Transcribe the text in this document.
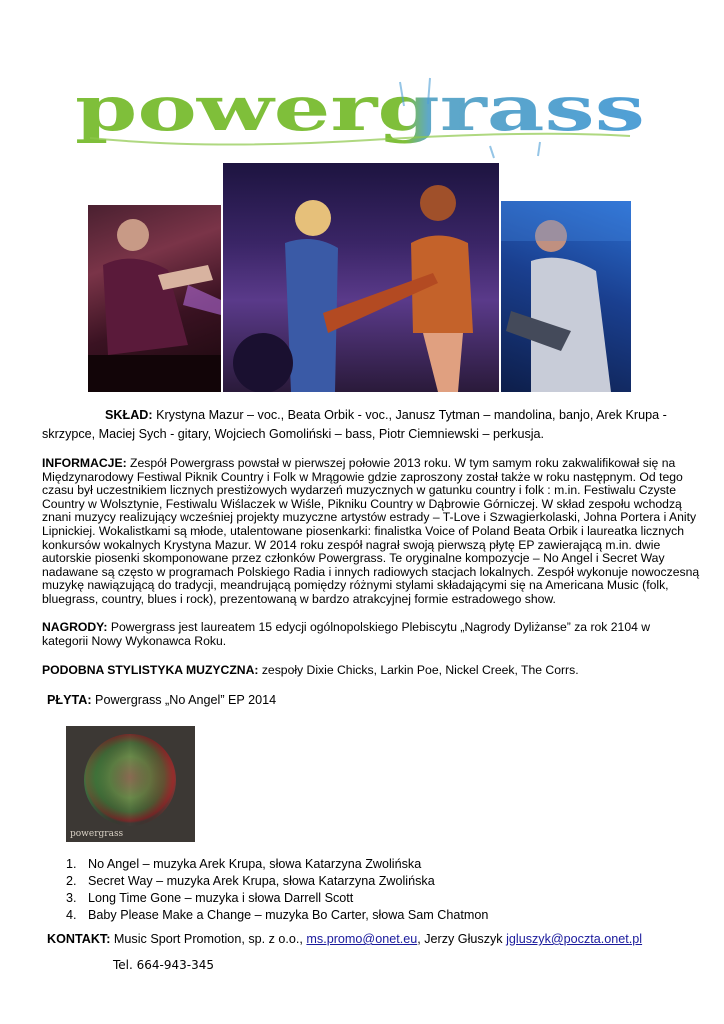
powergrass
SKŁAD: Krystyna Mazur – voc., Beata Orbik - voc., Janusz Tytman – mandolina, banjo, Arek Krupa -
skrzypce, Maciej Sych - gitary, Wojciech Gomoliński – bass, Piotr Ciemniewski – perkusja.
INFORMACJE: Zespół Powergrass powstał w pierwszej połowie 2013 roku. W tym samym roku zakwalifikował się na
Międzynarodowy Festiwal Piknik Country i Folk w Mrągowie gdzie zaproszony został także w roku następnym. Od tego
czasu był uczestnikiem licznych prestiżowych wydarzeń muzycznych w gatunku country i folk : m.in. Festiwalu Czyste
Country w Wolsztynie, Festiwalu Wiślaczek w Wiśle, Pikniku Country w Dąbrowie Górniczej. W skład zespołu wchodzą
znani muzycy realizujący wcześniej projekty muzyczne artystów estrady – T-Love i Szwagierkolaski, Johna Portera i Anity
Lipnickiej. Wokalistkami są młode, utalentowane piosenkarki: finalistka Voice of Poland Beata Orbik i laureatka licznych
konkursów wokalnych Krystyna Mazur. W 2014 roku zespół nagrał swoją pierwszą płytę EP zawierającą m.in. dwie
autorskie piosenki skomponowane przez członków Powergrass. Te oryginalne kompozycje – No Angel i Secret Way
nadawane są często w programach Polskiego Radia i innych radiowych stacjach lokalnych. Zespół wykonuje nowoczesną
muzykę nawiązującą do tradycji, meandrującą pomiędzy różnymi stylami składającymi się na Americana Music (folk,
bluegrass, country, blues i rock), prezentowaną w bardzo atrakcyjnej formie estradowego show.
NAGRODY: Powergrass jest laureatem 15 edycji ogólnopolskiego Plebiscytu „Nagrody Dyliżanse” za rok 2104 w
kategorii Nowy Wykonawca Roku.
PODOBNA STYLISTYKA MUZYCZNA: zespoły Dixie Chicks, Larkin Poe, Nickel Creek, The Corrs.
PŁYTA: Powergrass „No Angel” EP 2014
powergrass
1. No Angel – muzyka Arek Krupa, słowa Katarzyna Zwolińska
2. Secret Way – muzyka Arek Krupa, słowa Katarzyna Zwolińska
3. Long Time Gone – muzyka i słowa Darrell Scott
4. Baby Please Make a Change – muzyka Bo Carter, słowa Sam Chatmon
KONTAKT: Music Sport Promotion, sp. z o.o., ms.promo@onet.eu, Jerzy Głuszyk jgluszyk@poczta.onet.pl
Tel. 664-943-345
